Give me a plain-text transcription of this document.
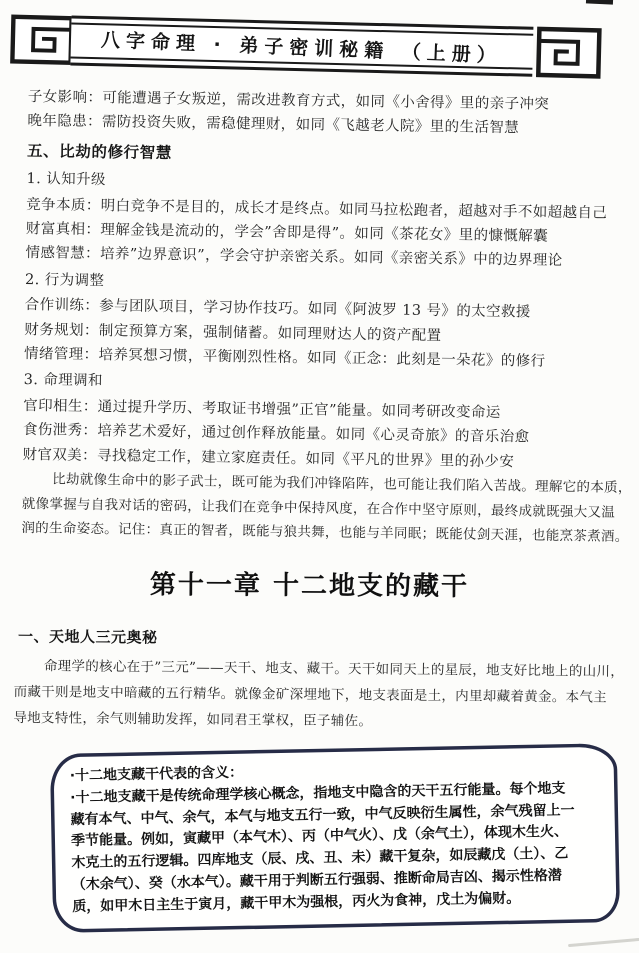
八字命理 · 弟子密训秘籍 （上册）

子女影响：可能遭遇子女叛逆，需改进教育方式，如同《小舍得》里的亲子冲突

晚年隐患：需防投资失败，需稳健理财，如同《飞越老人院》里的生活智慧

五、比劫的修行智慧

1. 认知升级

竞争本质：明白竞争不是目的，成长才是终点。如同马拉松跑者，超越对手不如超越自己

财富真相：理解金钱是流动的，学会”舍即是得”。如同《茶花女》里的慷慨解囊

情感智慧：培养”边界意识”，学会守护亲密关系。如同《亲密关系》中的边界理论

2. 行为调整

合作训练：参与团队项目，学习协作技巧。如同《阿波罗 13 号》的太空救援

财务规划：制定预算方案，强制储蓄。如同理财达人的资产配置

情绪管理：培养冥想习惯，平衡刚烈性格。如同《正念：此刻是一朵花》的修行

3. 命理调和

官印相生：通过提升学历、考取证书增强”正官”能量。如同考研改变命运

食伤泄秀：培养艺术爱好，通过创作释放能量。如同《心灵奇旅》的音乐治愈

财官双美：寻找稳定工作，建立家庭责任。如同《平凡的世界》里的孙少安

比劫就像生命中的影子武士，既可能为我们冲锋陷阵，也可能让我们陷入苦战。理解它的本质，

就像掌握与自我对话的密码，让我们在竞争中保持风度，在合作中坚守原则，最终成就既强大又温

润的生命姿态。记住：真正的智者，既能与狼共舞，也能与羊同眠；既能仗剑天涯，也能烹茶煮酒。

第十一章 十二地支的藏干
一、天地人三元奥秘

命理学的核心在于”三元”——天干、地支、藏干。天干如同天上的星辰，地支好比地上的山川，

而藏干则是地支中暗藏的五行精华。就像金矿深埋地下，地支表面是土，内里却藏着黄金。本气主

导地支特性，余气则辅助发挥，如同君王掌权，臣子辅佐。

·十二地支藏干代表的含义：

·十二地支藏干是传统命理学核心概念，指地支中隐含的天干五行能量。每个地支

藏有本气、中气、余气，本气与地支五行一致，中气反映衍生属性，余气残留上一

季节能量。例如，寅藏甲（本气木）、丙（中气火）、戊（余气土），体现木生火、

木克土的五行逻辑。四库地支（辰、戌、丑、未）藏干复杂，如辰藏戊（土）、乙

（木余气）、癸（水本气）。藏干用于判断五行强弱、推断命局吉凶、揭示性格潜

质，如甲木日主生于寅月，藏干甲木为强根，丙火为食神，戊土为偏财。
